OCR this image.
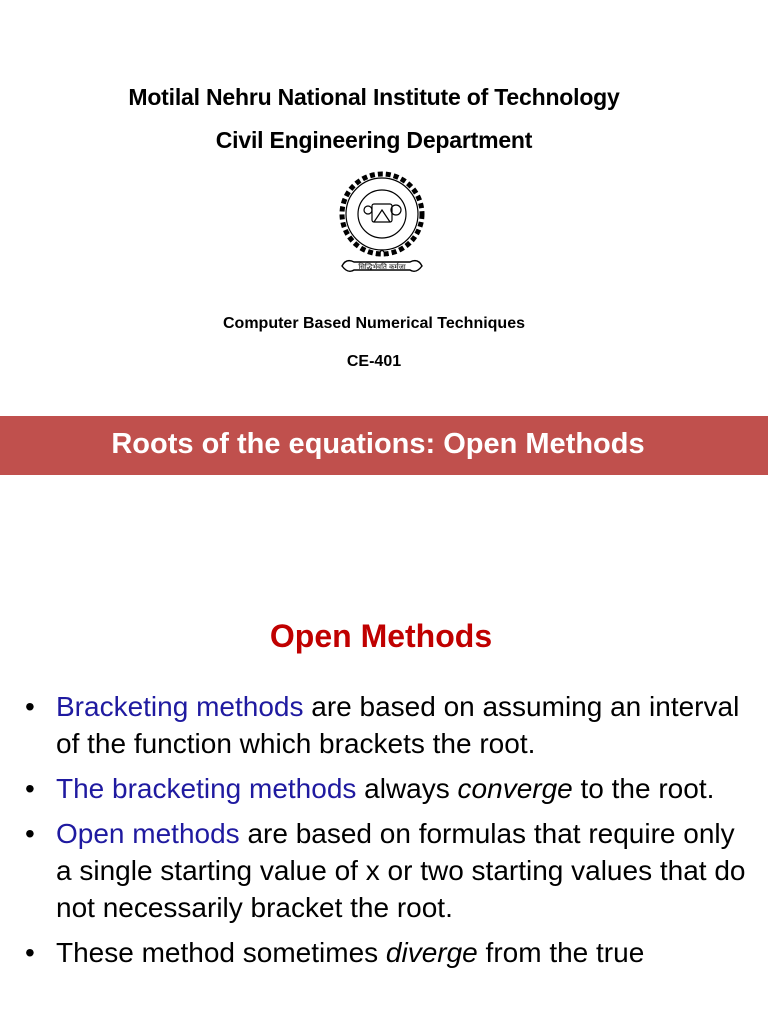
Motilal Nehru National Institute of Technology
Civil Engineering Department
सिद्धिर्भवति कर्मजा
Computer Based Numerical Techniques
CE-401
Roots of the equations: Open Methods
Open Methods
• Bracketing methods are based on assuming an interval of the function which brackets the root.
• The bracketing methods always converge to the root.
• Open methods are based on formulas that require only a single starting value of x or two starting values that do not necessarily bracket the root.
• These method sometimes diverge from the true
